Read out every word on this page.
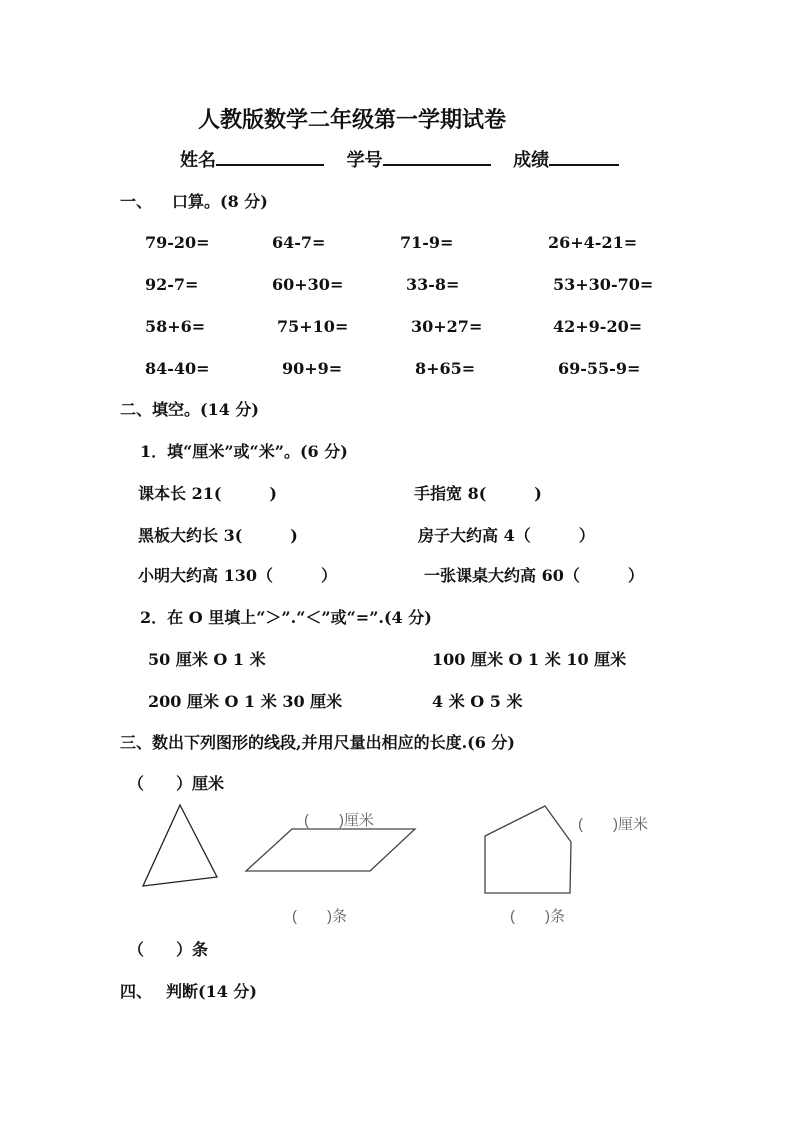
人教版数学二年级第一学期试卷
姓名	学号	成绩
一、 口算。(8 分)
79-20=	64-7=	71-9=	26+4-21=
92-7=	60+30=	33-8=	53+30-70=
58+6=	75+10=	30+27=	42+9-20=
84-40=	90+9=	8+65=	69-55-9=
二、填空。(14 分)
1．填“厘米”或“米”。(6 分)
课本长 21(　　　)	手指宽 8(　　　)
黑板大约长 3(　　　)	房子大约高 4（　　　）
小明大约高 130（　　　）	一张课桌大约高 60（　　　）
2．在 O 里填上“＞”.“＜”或“=”.(4 分)
50 厘米 O 1 米	100 厘米 O 1 米 10 厘米
200 厘米 O 1 米 30 厘米	4 米 O 5 米
三、数出下列图形的线段,并用尺量出相应的长度.(6 分)
（　　）厘米
(　　)厘米	(　　)厘米
(　　)条	(　　)条
（　　）条
四、 判断(14 分)
